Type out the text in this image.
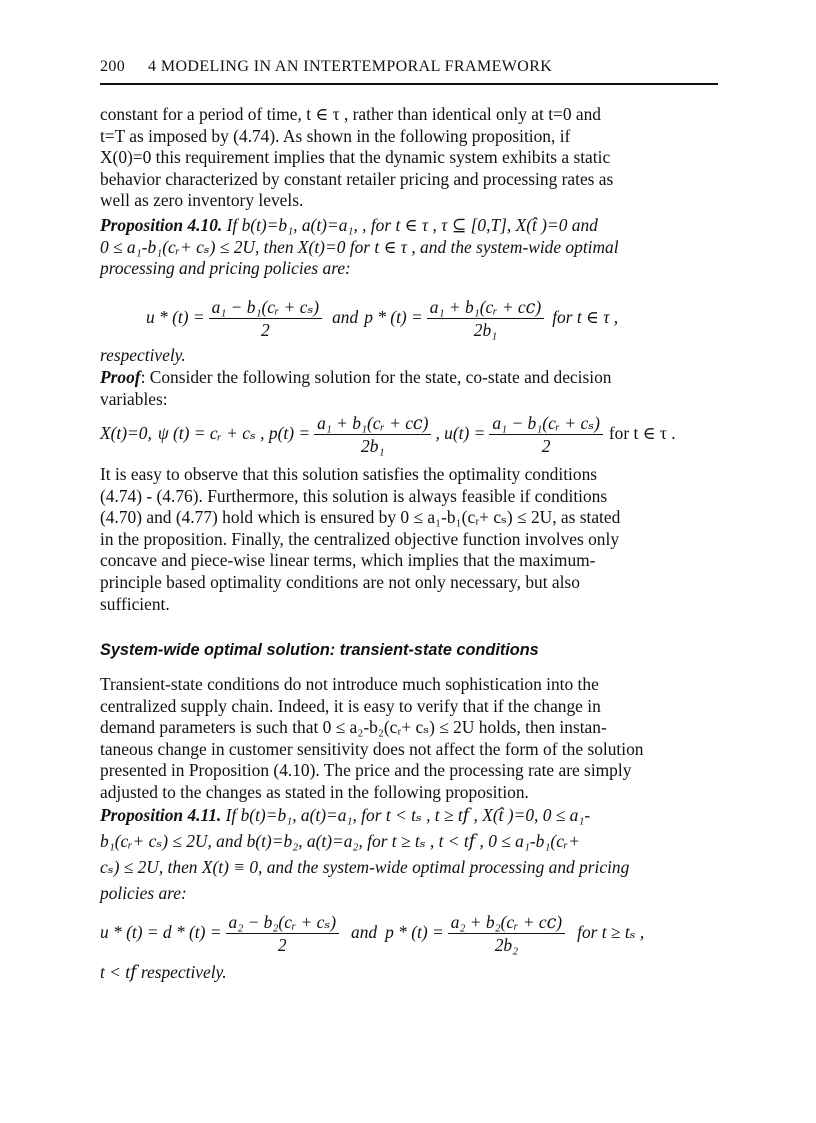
200 4 MODELING IN AN INTERTEMPORAL FRAMEWORK
constant for a period of time, t ∈ τ , rather than identical only at t=0 and
t=T as imposed by (4.74). As shown in the following proposition, if
X(0)=0 this requirement implies that the dynamic system exhibits a static
behavior characterized by constant retailer pricing and processing rates as
well as zero inventory levels.
Proposition 4.10. If b(t)=b₁, a(t)=a₁, , for t ∈ τ , τ ⊆ [0,T], X(t̂ )=0 and
0 ≤ a₁-b₁(cᵣ+ cₛ) ≤ 2U, then X(t)=0 for t ∈ τ , and the system-wide optimal
processing and pricing policies are:
$u * (t) = \frac{\text{a₁ − b₁(cᵣ + cₛ)}}{2}$ and $p * (t) = \frac{\text{a₁ + b₁(cᵣ + c𝑐)}}{\text{2b₁}}$ for t ∈ τ ,
respectively.
Proof: Consider the following solution for the state, co-state and decision
variables:
X(t)=0, ψ (t) = cᵣ + cₛ , $p(t) = \frac{\text{a₁ + b₁(cᵣ + c𝑐)}}{\text{2b₁}}$ , $u(t) = \frac{\text{a₁ − b₁(cᵣ + cₛ)}}{2}$ for t ∈ τ .
It is easy to observe that this solution satisfies the optimality conditions
(4.74) - (4.76). Furthermore, this solution is always feasible if conditions
(4.70) and (4.77) hold which is ensured by 0 ≤ a₁-b₁(cᵣ+ cₛ) ≤ 2U, as stated
in the proposition. Finally, the centralized objective function involves only
concave and piece-wise linear terms, which implies that the maximum-
principle based optimality conditions are not only necessary, but also
sufficient.
System-wide optimal solution: transient-state conditions
Transient-state conditions do not introduce much sophistication into the
centralized supply chain. Indeed, it is easy to verify that if the change in
demand parameters is such that 0 ≤ a₂-b₂(cᵣ+ cₛ) ≤ 2U holds, then instan-
taneous change in customer sensitivity does not affect the form of the solution
presented in Proposition (4.10). The price and the processing rate are simply
adjusted to the changes as stated in the following proposition.
Proposition 4.11. If b(t)=b₁, a(t)=a₁, for t < tₛ , t ≥ t𝑓 , X(t̂ )=0, 0 ≤ a₁-
b₁(cᵣ+ cₛ) ≤ 2U, and b(t)=b₂, a(t)=a₂, for t ≥ tₛ , t < t𝑓 , 0 ≤ a₁-b₁(cᵣ+
cₛ) ≤ 2U, then X(t) ≡ 0, and the system-wide optimal processing and pricing
policies are:
$u * (t) = d * (t) = \frac{\text{a₂ − b₂(cᵣ + cₛ)}}{2}$ and $p * (t) = \frac{\text{a₂ + b₂(cᵣ + c𝑐)}}{\text{2b₂}}$ for t ≥ tₛ ,
t < t𝑓 respectively.
